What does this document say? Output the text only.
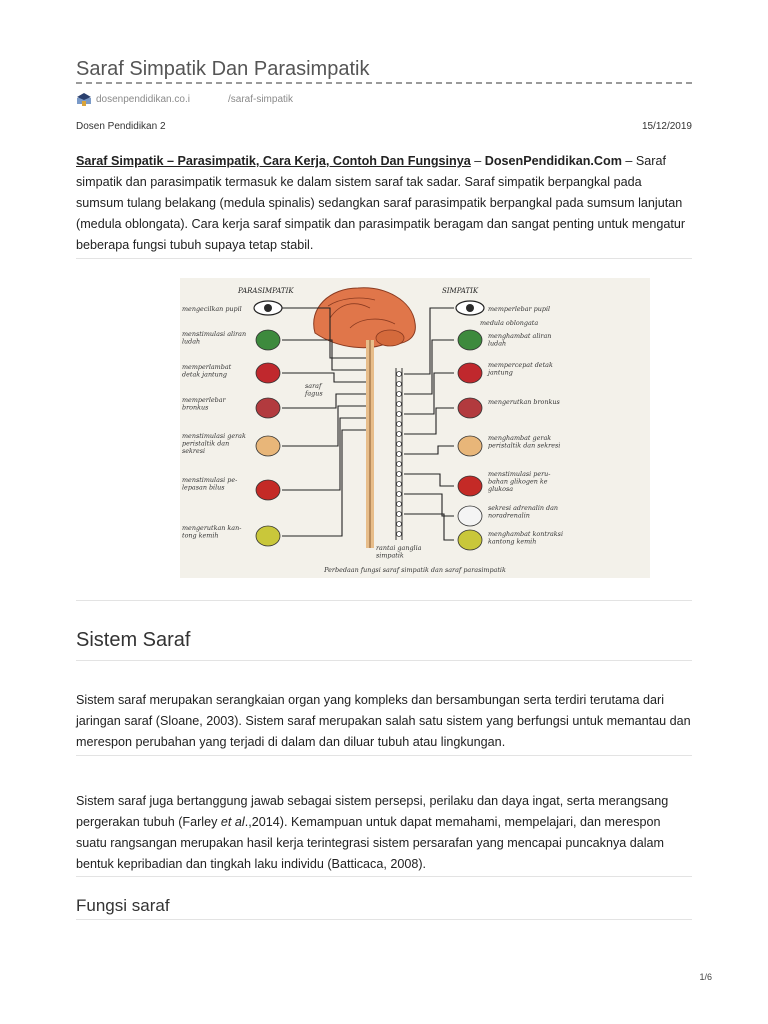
Saraf Simpatik Dan Parasimpatik
dosenpendidikan.co.i	/saraf-simpatik
Dosen Pendidikan 2	15/12/2019
Saraf Simpatik – Parasimpatik, Cara Kerja, Contoh Dan Fungsinya – DosenPendidikan.Com – Saraf simpatik dan parasimpatik termasuk ke dalam sistem saraf tak sadar. Saraf simpatik berpangkal pada sumsum tulang belakang (medula spinalis) sedangkan saraf parasimpatik berpangkal pada sumsum lanjutan (medula oblongata). Cara kerja saraf simpatik dan parasimpatik beragam dan sangat penting untuk mengatur beberapa fungsi tubuh supaya tetap stabil.
PARASIMPATIK	SIMPATIK
mengecilkan pupil
menstimulasi aliran
ludah
memperlambat
detak jantung
memperlebar
bronkus
menstimulasi gerak
peristaltik dan
sekresi
menstimulasi pe-
lepasan bilus
mengerutkan kan-
tong kemih
memperlebar pupil
menghambat aliran
ludah
mempercepat detak
jantung
mengerutkan bronkus
menghambat gerak
peristaltik dan sekresi
menstimulasi peru-
bahan glikogen ke
glukosa
sekresi adrenalin dan
noradrenalin
menghambat kontraksi
kantong kemih
saraf
fagus
medula oblongata
rantai ganglia
simpatik
Perbedaan fungsi saraf simpatik dan saraf parasimpatik
Sistem Saraf

Sistem saraf merupakan serangkaian organ yang kompleks dan bersambungan serta terdiri terutama dari jaringan saraf (Sloane, 2003). Sistem saraf merupakan salah satu sistem yang berfungsi untuk memantau dan merespon perubahan yang terjadi di dalam dan diluar tubuh atau lingkungan.

Sistem saraf juga bertanggung jawab sebagai sistem persepsi, perilaku dan daya ingat, serta merangsang pergerakan tubuh (Farley et al.,2014). Kemampuan untuk dapat memahami, mempelajari, dan merespon suatu rangsangan merupakan hasil kerja terintegrasi sistem persarafan yang mencapai puncaknya dalam bentuk kepribadian dan tingkah laku individu (Batticaca, 2008).

Fungsi saraf
1/6
